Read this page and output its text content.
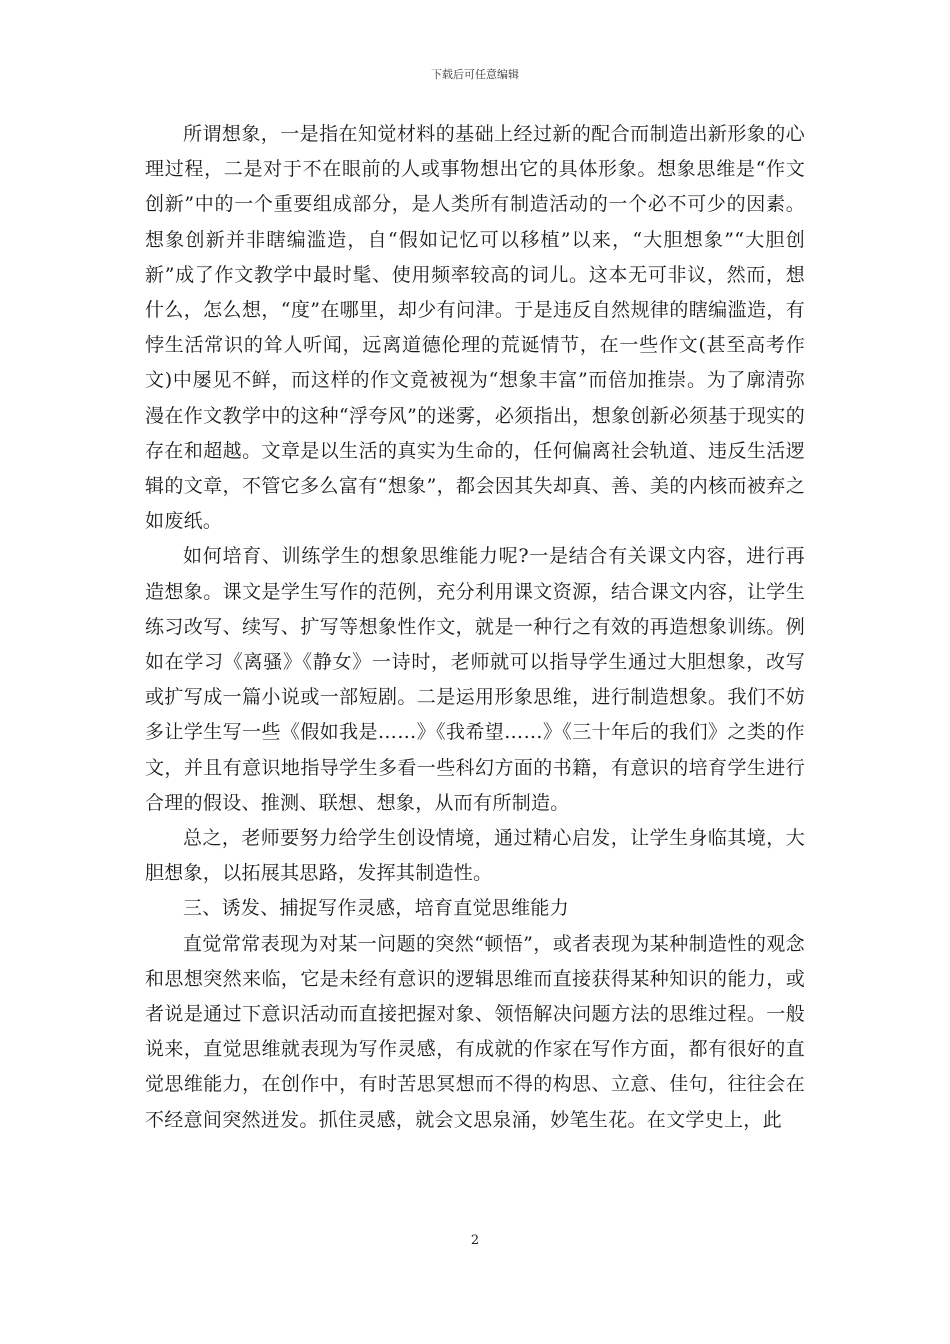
下载后可任意编辑

所谓想象，一是指在知觉材料的基础上经过新的配合而制造出新形象的心理过程，二是对于不在眼前的人或事物想出它的具体形象。想象思维是“作文创新”中的一个重要组成部分，是人类所有制造活动的一个必不可少的因素。想象创新并非瞎编滥造，自“假如记忆可以移植”以来，“大胆想象”“大胆创新”成了作文教学中最时髦、使用频率较高的词儿。这本无可非议，然而，想什么，怎么想，“度”在哪里，却少有问津。于是违反自然规律的瞎编滥造，有悖生活常识的耸人听闻，远离道德伦理的荒诞情节，在一些作文(甚至高考作文)中屡见不鲜，而这样的作文竟被视为“想象丰富”而倍加推崇。为了廓清弥漫在作文教学中的这种“浮夸风”的迷雾，必须指出，想象创新必须基于现实的存在和超越。文章是以生活的真实为生命的，任何偏离社会轨道、违反生活逻辑的文章，不管它多么富有“想象”，都会因其失却真、善、美的内核而被弃之如废纸。

如何培育、训练学生的想象思维能力呢?一是结合有关课文内容，进行再造想象。课文是学生写作的范例，充分利用课文资源，结合课文内容，让学生练习改写、续写、扩写等想象性作文，就是一种行之有效的再造想象训练。例如在学习《离骚》《静女》一诗时，老师就可以指导学生通过大胆想象，改写或扩写成一篇小说或一部短剧。二是运用形象思维，进行制造想象。我们不妨多让学生写一些《假如我是……》《我希望……》《三十年后的我们》之类的作文，并且有意识地指导学生多看一些科幻方面的书籍，有意识的培育学生进行合理的假设、推测、联想、想象，从而有所制造。

总之，老师要努力给学生创设情境，通过精心启发，让学生身临其境，大胆想象，以拓展其思路，发挥其制造性。

三、诱发、捕捉写作灵感，培育直觉思维能力

直觉常常表现为对某一问题的突然“顿悟”，或者表现为某种制造性的观念和思想突然来临，它是未经有意识的逻辑思维而直接获得某种知识的能力，或者说是通过下意识活动而直接把握对象、领悟解决问题方法的思维过程。一般说来，直觉思维就表现为写作灵感，有成就的作家在写作方面，都有很好的直觉思维能力，在创作中，有时苦思冥想而不得的构思、立意、佳句，往往会在不经意间突然迸发。抓住灵感，就会文思泉涌，妙笔生花。在文学史上，此

2
